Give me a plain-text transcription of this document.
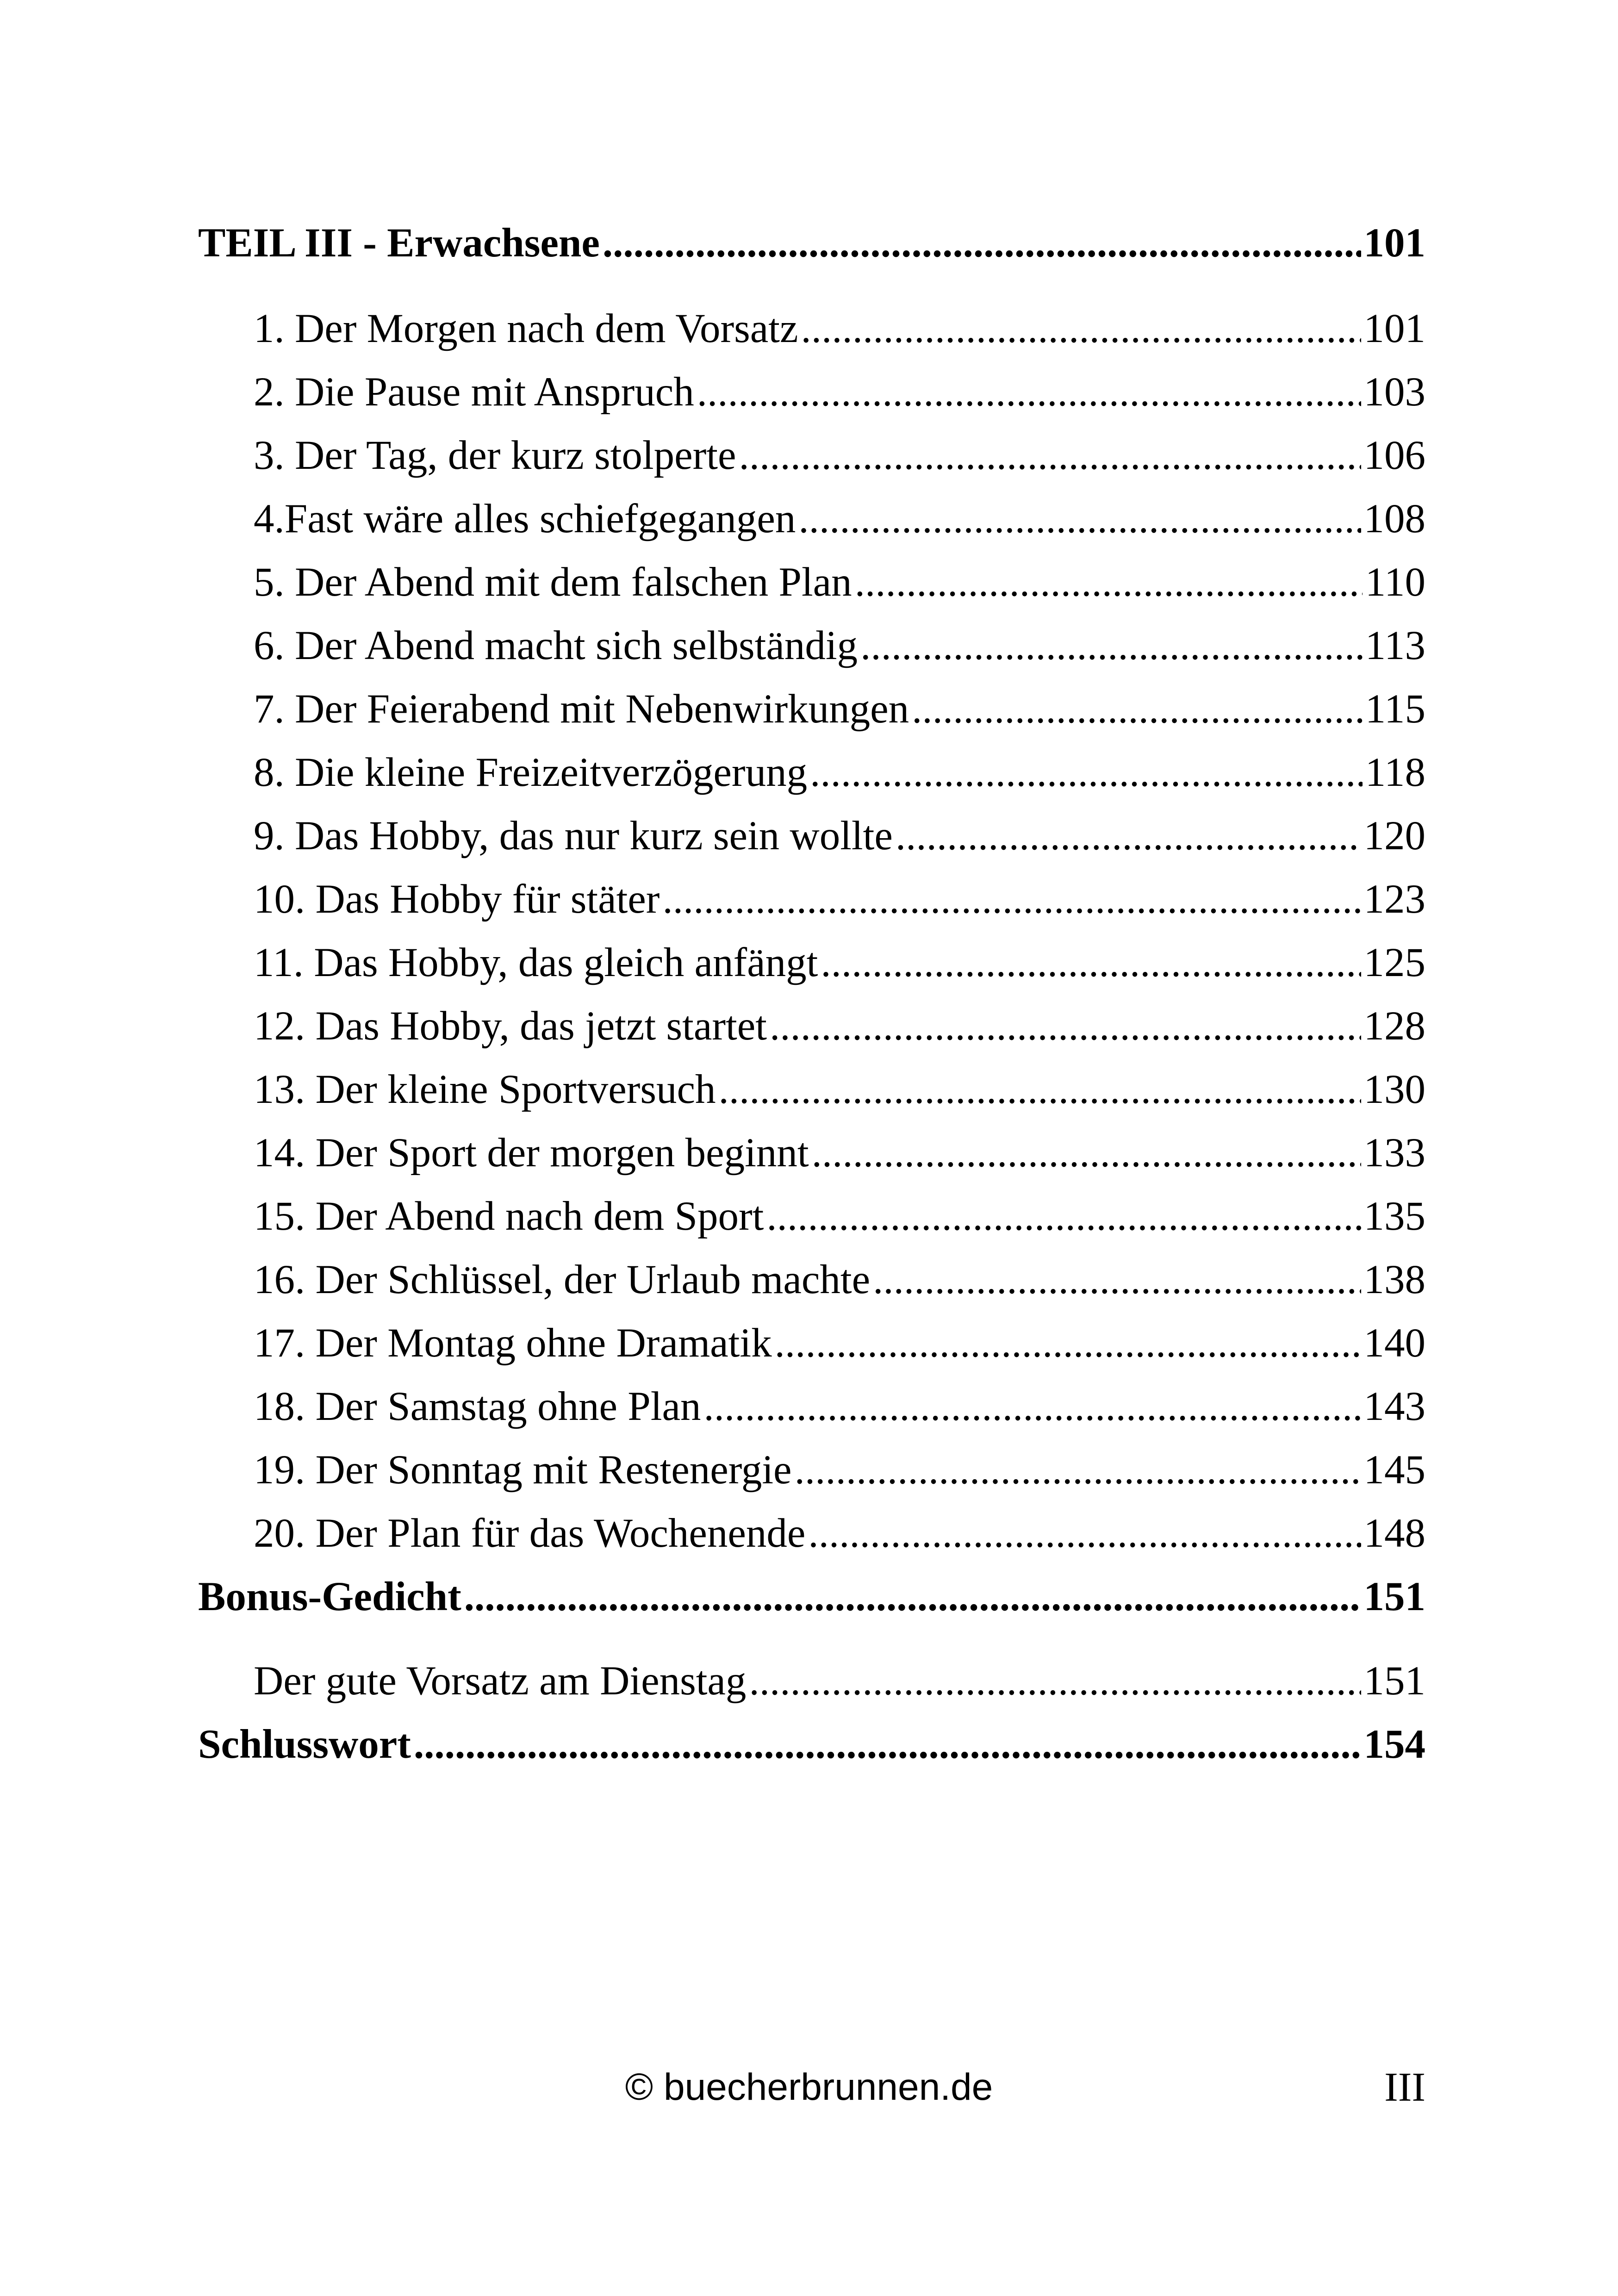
TEIL III - Erwachsene .....	101
1. Der Morgen nach dem Vorsatz .....	101
2. Die Pause mit Anspruch .....	103
3. Der Tag, der kurz stolperte .....	106
4.Fast wäre alles schiefgegangen .....	108
5. Der Abend mit dem falschen Plan .....	110
6. Der Abend macht sich selbständig .....	113
7. Der Feierabend mit Nebenwirkungen .....	115
8. Die kleine Freizeitverzögerung .....	118
9. Das Hobby, das nur kurz sein wollte .....	120
10. Das Hobby für stäter .....	123
11. Das Hobby, das gleich anfängt .....	125
12. Das Hobby, das jetzt startet .....	128
13. Der kleine Sportversuch .....	130
14. Der Sport der morgen beginnt .....	133
15. Der Abend nach dem Sport .....	135
16. Der Schlüssel, der Urlaub machte .....	138
17. Der Montag ohne Dramatik .....	140
18. Der Samstag ohne Plan .....	143
19. Der Sonntag mit Restenergie .....	145
20. Der Plan für das Wochenende .....	148
Bonus-Gedicht .....	151
Der gute Vorsatz am Dienstag .....	151
Schlusswort .....	154
© buecherbrunnen.de	III
